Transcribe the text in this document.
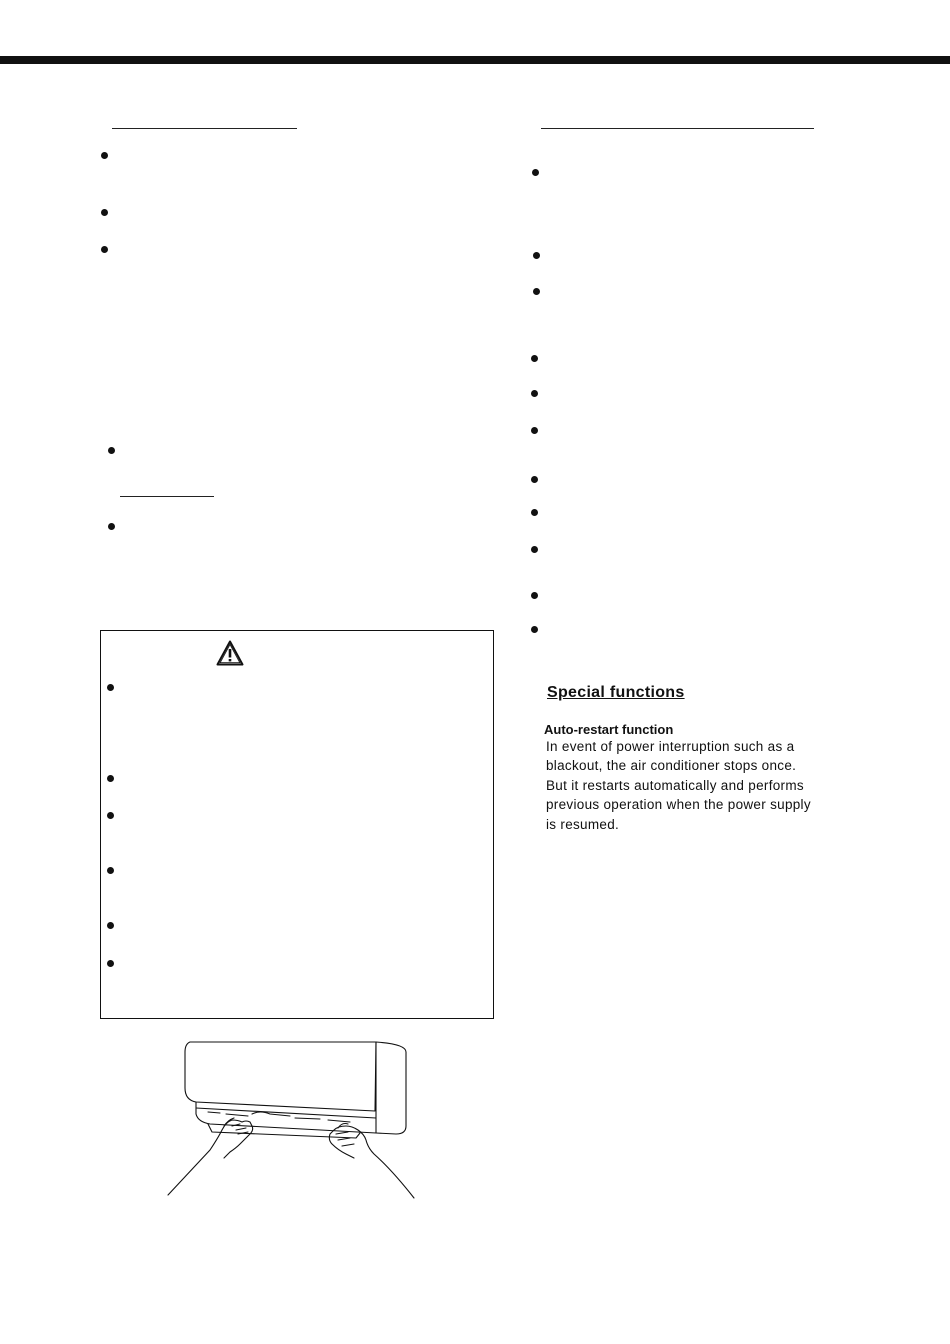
Special functions
Auto-restart function
In event of power interruption such as a
blackout, the air conditioner stops once.
But it restarts automatically and performs
previous operation when the power supply
is resumed.
